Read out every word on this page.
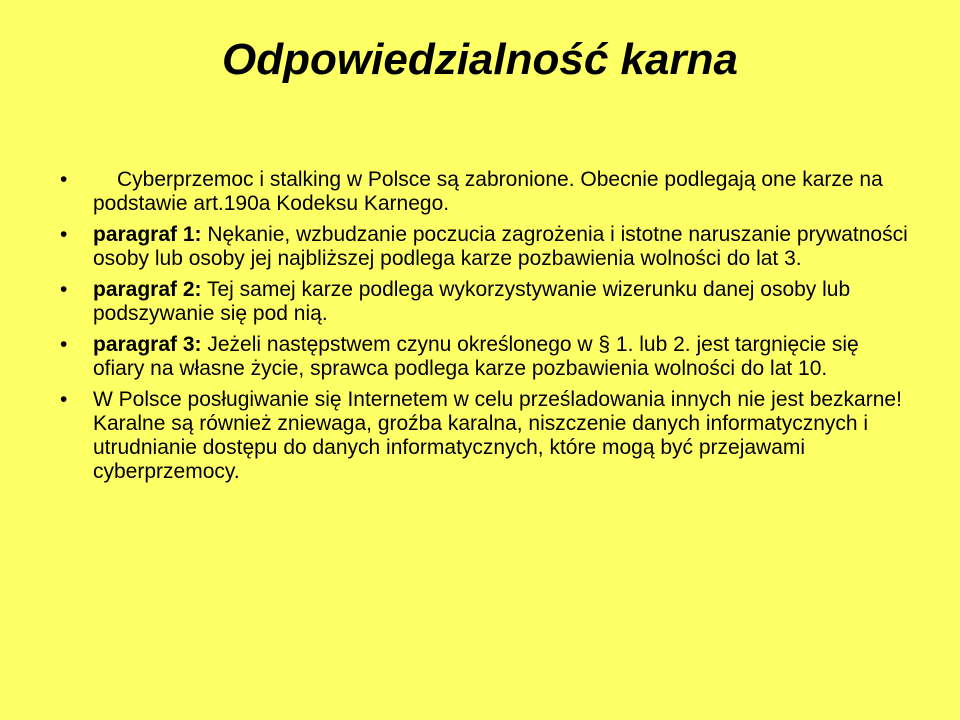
Odpowiedzialność karna
• Cyberprzemoc i stalking w Polsce są zabronione. Obecnie podlegają one karze na podstawie art.190a Kodeksu Karnego.
• paragraf 1: Nękanie, wzbudzanie poczucia zagrożenia i istotne naruszanie prywatności osoby lub osoby jej najbliższej podlega karze pozbawienia wolności do lat 3.
• paragraf 2: Tej samej karze podlega wykorzystywanie wizerunku danej osoby lub podszywanie się pod nią.
• paragraf 3: Jeżeli następstwem czynu określonego w § 1. lub 2. jest targnięcie się ofiary na własne życie, sprawca podlega karze pozbawienia wolności do lat 10.
• W Polsce posługiwanie się Internetem w celu prześladowania innych nie jest bezkarne! Karalne są również zniewaga, groźba karalna, niszczenie danych informatycznych i utrudnianie dostępu do danych informatycznych, które mogą być przejawami cyberprzemocy.
